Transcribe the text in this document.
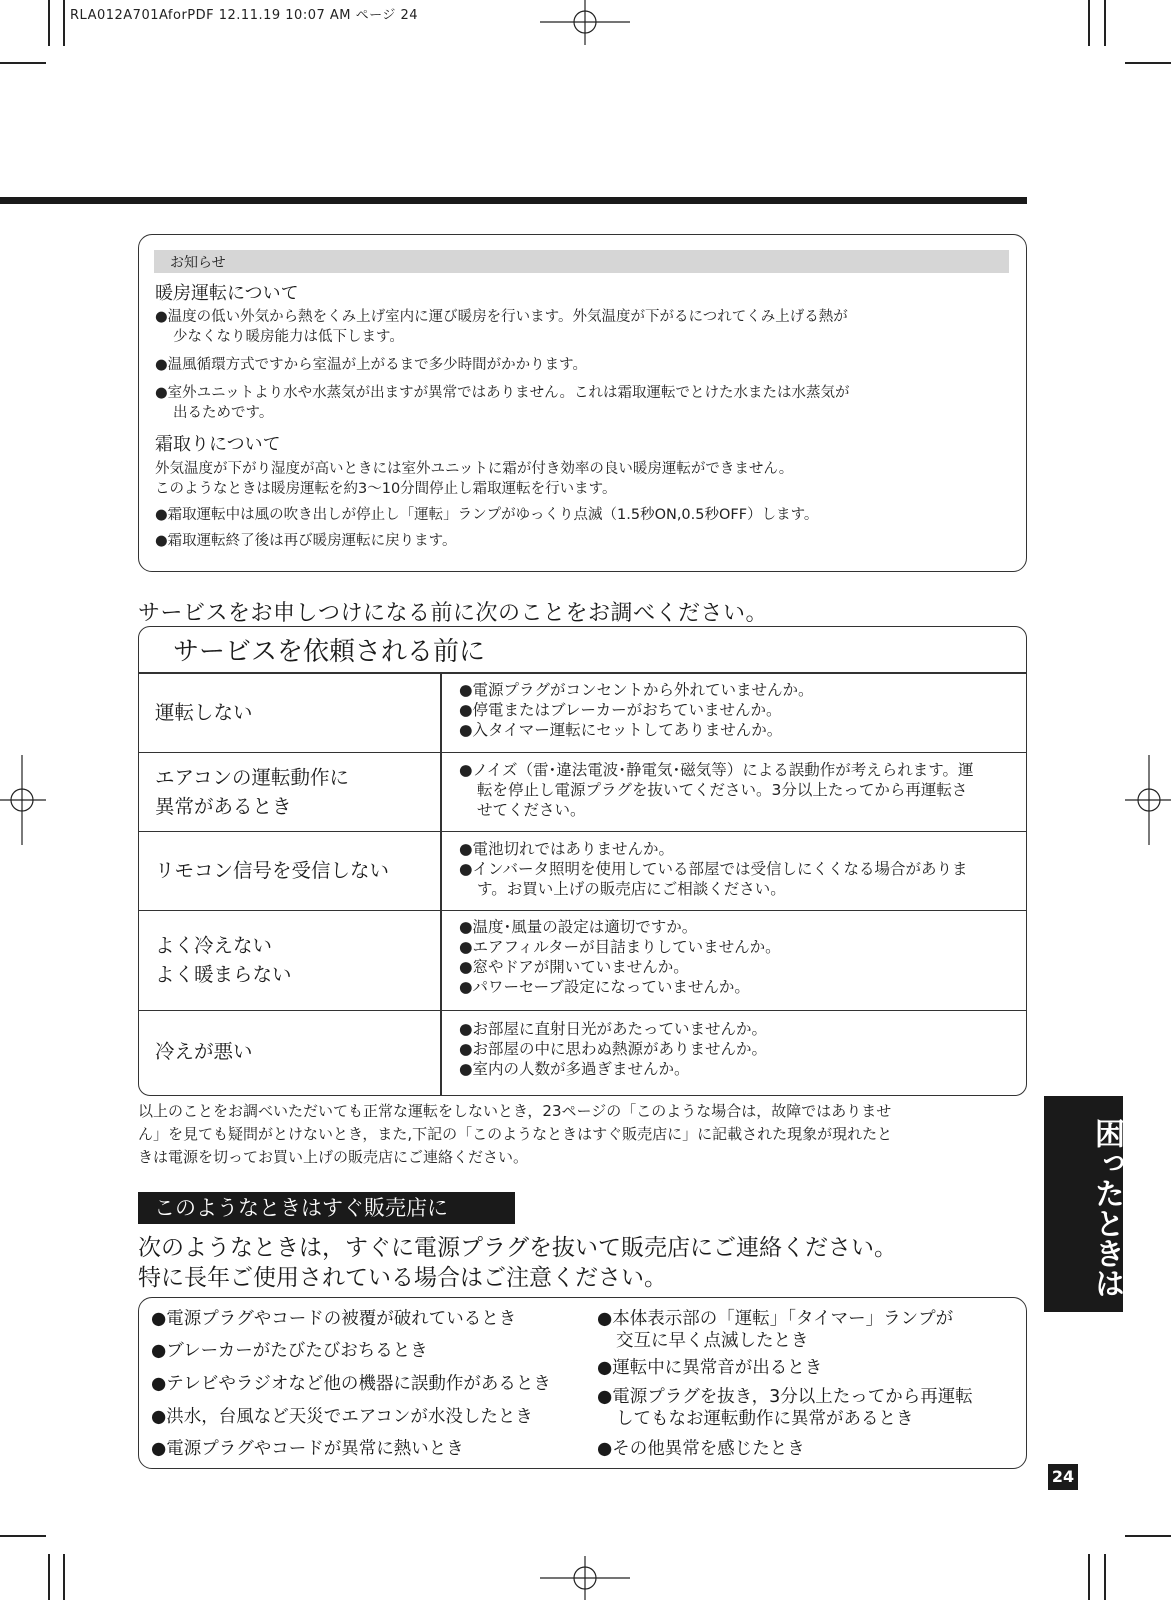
RLA012A701AforPDF 12.11.19 10:07 AM ページ 24
お知らせ
暖房運転について
●温度の低い外気から熱をくみ上げ室内に運び暖房を行います。外気温度が下がるにつれてくみ上げる熱が
少なくなり暖房能力は低下します。
●温風循環方式ですから室温が上がるまで多少時間がかかります。
●室外ユニットより水や水蒸気が出ますが異常ではありません。これは霜取運転でとけた水または水蒸気が
出るためです。
霜取りについて
外気温度が下がり湿度が高いときには室外ユニットに霜が付き効率の良い暖房運転ができません。
このようなときは暖房運転を約3～10分間停止し霜取運転を行います。
●霜取運転中は風の吹き出しが停止し「運転」ランプがゆっくり点滅（1.5秒ON,0.5秒OFF）します。
●霜取運転終了後は再び暖房運転に戻ります。
サービスをお申しつけになる前に次のことをお調べください。
サービスを依頼される前に
運転しない
●電源プラグがコンセントから外れていませんか。
●停電またはブレーカーがおちていませんか。
●入タイマー運転にセットしてありませんか。
エアコンの運転動作に
異常があるとき
●ノイズ（雷･違法電波･静電気･磁気等）による誤動作が考えられます。運
転を停止し電源プラグを抜いてください。3分以上たってから再運転さ
せてください。
リモコン信号を受信しない
●電池切れではありませんか。
●インバータ照明を使用している部屋では受信しにくくなる場合がありま
す。お買い上げの販売店にご相談ください。
よく冷えない
よく暖まらない
●温度･風量の設定は適切ですか。
●エアフィルターが目詰まりしていませんか。
●窓やドアが開いていませんか。
●パワーセーブ設定になっていませんか。
冷えが悪い
●お部屋に直射日光があたっていませんか。
●お部屋の中に思わぬ熱源がありませんか。
●室内の人数が多過ぎませんか。
以上のことをお調べいただいても正常な運転をしないとき，23ページの「このような場合は，故障ではありませ
ん」を見ても疑問がとけないとき，また,下記の「このようなときはすぐ販売店に」に記載された現象が現れたと
きは電源を切ってお買い上げの販売店にご連絡ください。
このようなときはすぐ販売店に
次のようなときは，すぐに電源プラグを抜いて販売店にご連絡ください。
特に長年ご使用されている場合はご注意ください。
●電源プラグやコードの被覆が破れているとき
●ブレーカーがたびたびおちるとき
●テレビやラジオなど他の機器に誤動作があるとき
●洪水，台風など天災でエアコンが水没したとき
●電源プラグやコードが異常に熱いとき
●本体表示部の「運転」「タイマー」ランプが
交互に早く点滅したとき
●運転中に異常音が出るとき
●電源プラグを抜き，3分以上たってから再運転
してもなお運転動作に異常があるとき
●その他異常を感じたとき
困ったときは
24
